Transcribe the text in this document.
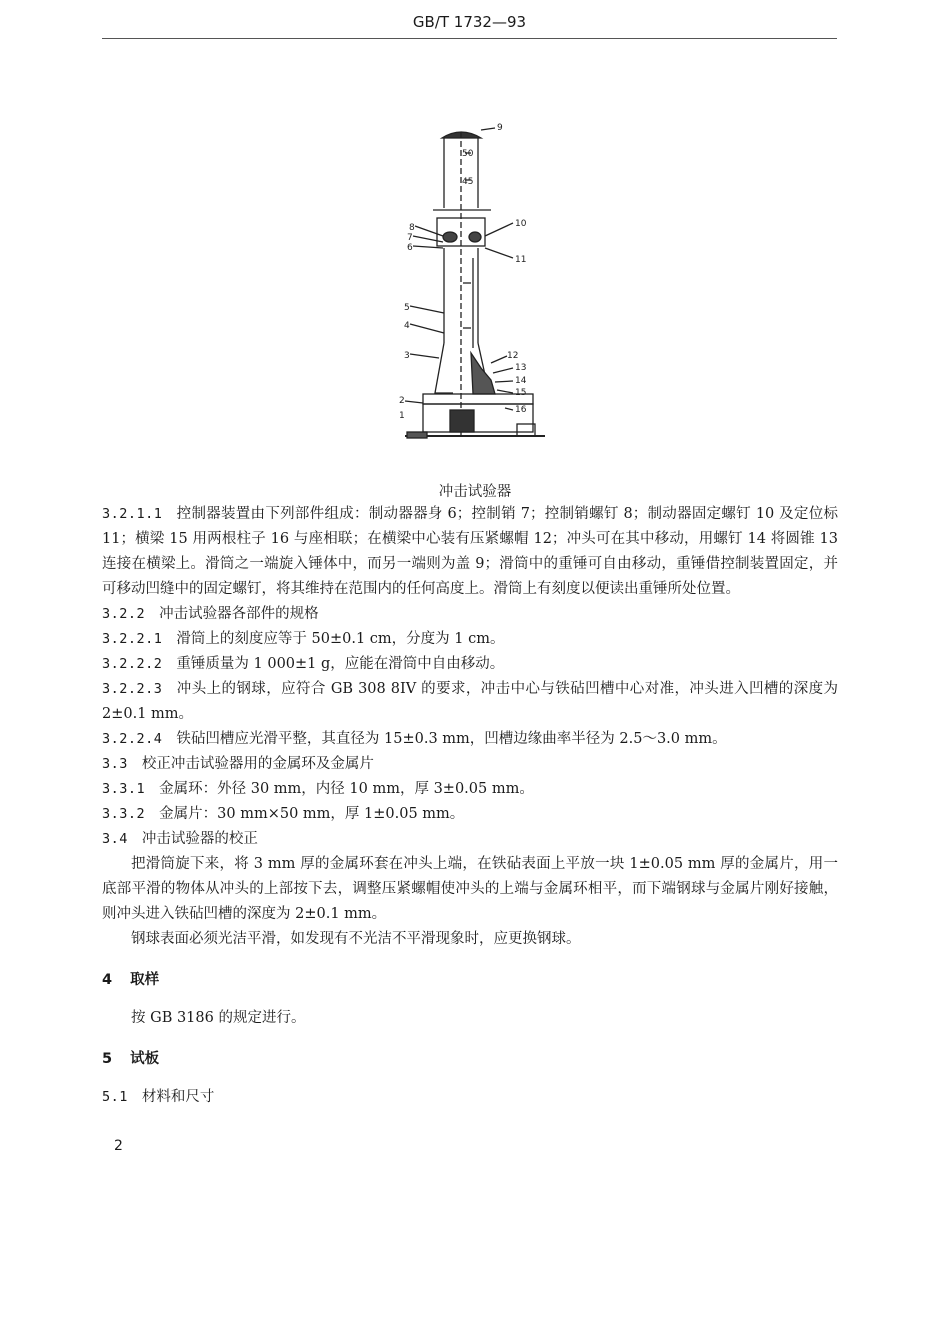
GB/T 1732—93
50
45
9
10
8
7
6
11
5
4
3	12
13
14
15
2
1
16
冲击试验器

3.2.1.1 控制器装置由下列部件组成：制动器器身 6；控制销 7；控制销螺钉 8；制动器固定螺钉 10 及定位标 11；横梁 15 用两根柱子 16 与座相联；在横梁中心装有压紧螺帽 12；冲头可在其中移动，用螺钉 14 将圆锥 13 连接在横梁上。滑筒之一端旋入锤体中，而另一端则为盖 9；滑筒中的重锤可自由移动，重锤借控制装置固定，并可移动凹缝中的固定螺钉，将其维持在范围内的任何高度上。滑筒上有刻度以便读出重锤所处位置。

3.2.2 冲击试验器各部件的规格

3.2.2.1 滑筒上的刻度应等于 50±0.1 cm，分度为 1 cm。

3.2.2.2 重锤质量为 1 000±1 g，应能在滑筒中自由移动。

3.2.2.3 冲头上的钢球，应符合 GB 308 8IV 的要求，冲击中心与铁砧凹槽中心对准，冲头进入凹槽的深度为 2±0.1 mm。

3.2.2.4 铁砧凹槽应光滑平整，其直径为 15±0.3 mm，凹槽边缘曲率半径为 2.5～3.0 mm。

3.3 校正冲击试验器用的金属环及金属片

3.3.1 金属环：外径 30 mm，内径 10 mm，厚 3±0.05 mm。

3.3.2 金属片：30 mm×50 mm，厚 1±0.05 mm。

3.4 冲击试验器的校正

把滑筒旋下来，将 3 mm 厚的金属环套在冲头上端，在铁砧表面上平放一块 1±0.05 mm 厚的金属片，用一底部平滑的物体从冲头的上部按下去，调整压紧螺帽使冲头的上端与金属环相平，而下端钢球与金属片刚好接触，则冲头进入铁砧凹槽的深度为 2±0.1 mm。

钢球表面必须光洁平滑，如发现有不光洁不平滑现象时，应更换钢球。

4 取样

按 GB 3186 的规定进行。

5 试板
5.1 材料和尺寸
2
